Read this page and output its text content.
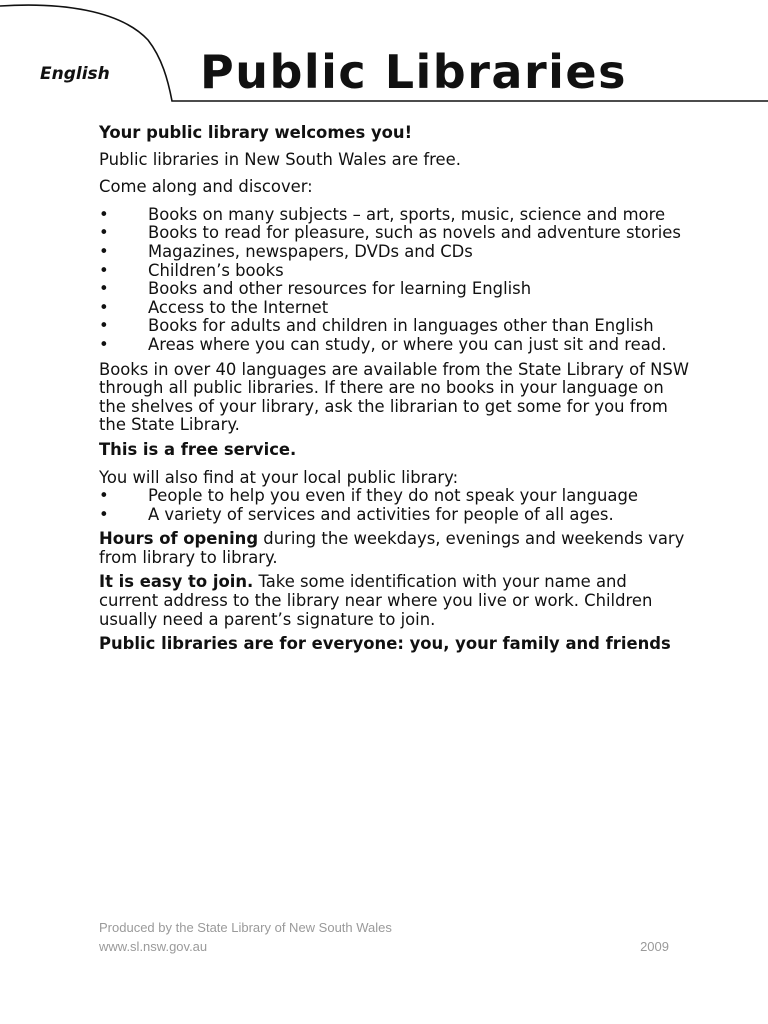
English Public Libraries

Your public library welcomes you!

Public libraries in New South Wales are free.

Come along and discover:

• Books on many subjects – art, sports, music, science and more
• Books to read for pleasure, such as novels and adventure stories
• Magazines, newspapers, DVDs and CDs
• Children’s books
• Books and other resources for learning English
• Access to the Internet
• Books for adults and children in languages other than English
• Areas where you can study, or where you can just sit and read.

Books in over 40 languages are available from the State Library of NSW through all public libraries. If there are no books in your language on the shelves of your library, ask the librarian to get some for you from the State Library.

This is a free service.

You will also find at your local public library:

• People to help you even if they do not speak your language
• A variety of services and activities for people of all ages.

Hours of opening during the weekdays, evenings and weekends vary from library to library.

It is easy to join. Take some identification with your name and current address to the library near where you live or work. Children usually need a parent’s signature to join.

Public libraries are for everyone: you, your family and friends

Produced by the State Library of New South Wales
www.sl.nsw.gov.au	2009
